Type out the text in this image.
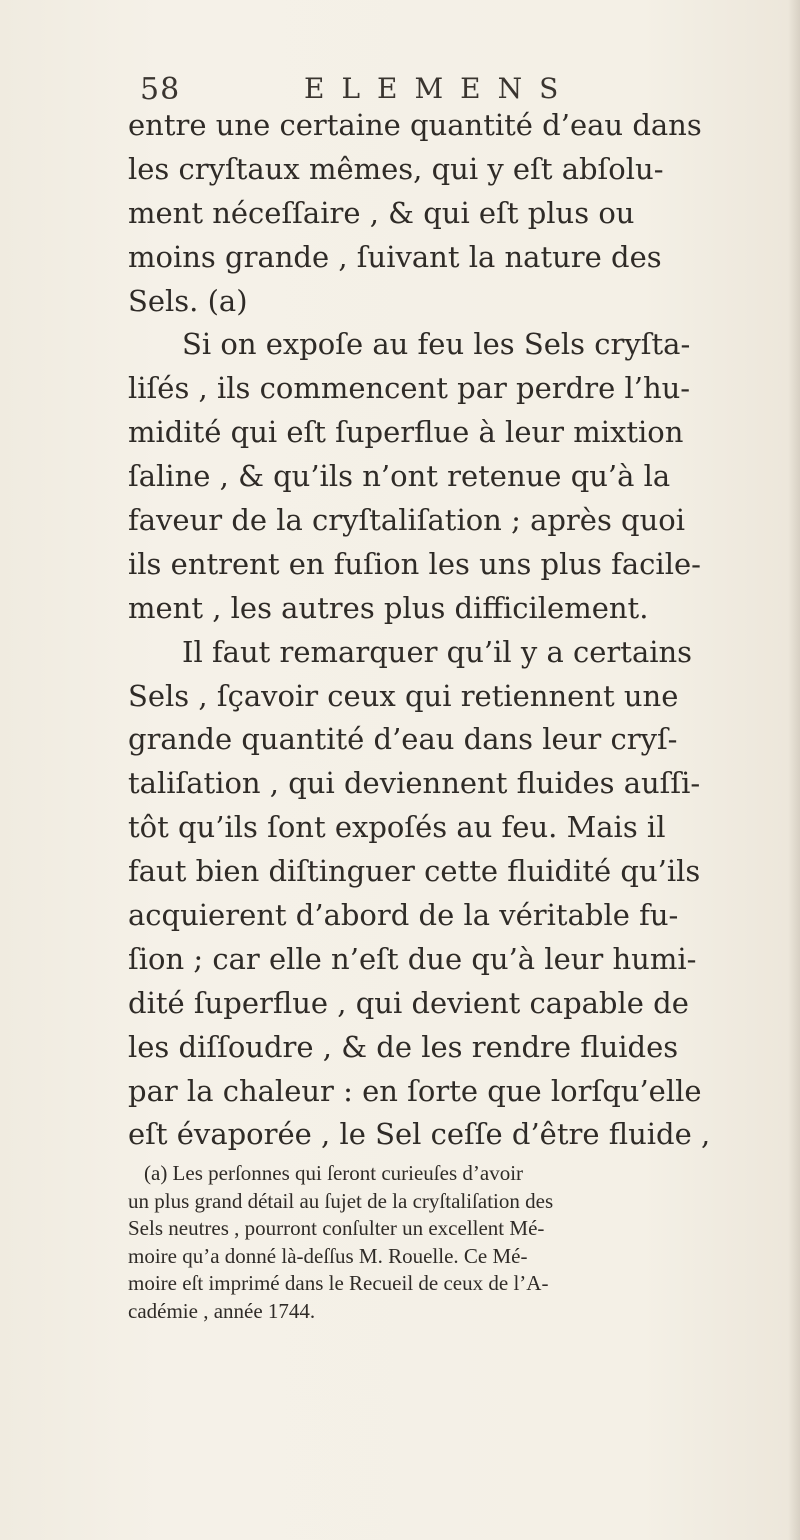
58	ELEMENS
entre une certaine quantité d’eau dans
les cryſtaux mêmes, qui y eſt abſolu-
ment néceſſaire , & qui eſt plus ou
moins grande , ſuivant la nature des
Sels. (a)
Si on expoſe au feu les Sels cryſta-
liſés , ils commencent par perdre l’hu-
midité qui eſt ſuperflue à leur mixtion
ſaline , & qu’ils n’ont retenue qu’à la
faveur de la cryſtaliſation ; après quoi
ils entrent en fuſion les uns plus facile-
ment , les autres plus difficilement.
Il faut remarquer qu’il y a certains
Sels , ſçavoir ceux qui retiennent une
grande quantité d’eau dans leur cryſ-
taliſation , qui deviennent fluides auſſi-
tôt qu’ils ſont expoſés au feu. Mais il
faut bien diſtinguer cette fluidité qu’ils
acquierent d’abord de la véritable fu-
ſion ; car elle n’eſt due qu’à leur humi-
dité ſuperflue , qui devient capable de
les diſſoudre , & de les rendre fluides
par la chaleur : en ſorte que lorſqu’elle
eſt évaporée , le Sel ceſſe d’être fluide ,
(a) Les perſonnes qui ſeront curieuſes d’avoir
un plus grand détail au ſujet de la cryſtaliſation des
Sels neutres , pourront conſulter un excellent Mé-
moire qu’a donné là-deſſus M. Rouelle. Ce Mé-
moire eſt imprimé dans le Recueil de ceux de l’A-
cadémie , année 1744.
